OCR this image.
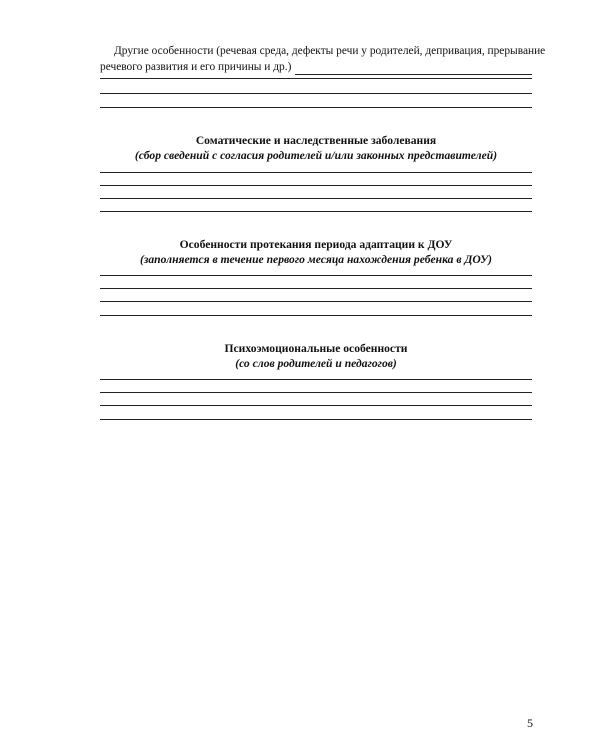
Другие особенности (речевая среда, дефекты речи у родителей, депривация, прерывание
речевого развития и его причины и др.)
Соматические и наследственные заболевания
(сбор сведений с согласия родителей и/или законных представителей)
Особенности протекания периода адаптации к ДОУ
(заполняется в течение первого месяца нахождения ребенка в ДОУ)
Психоэмоциональные особенности
(со слов родителей и педагогов)
5
